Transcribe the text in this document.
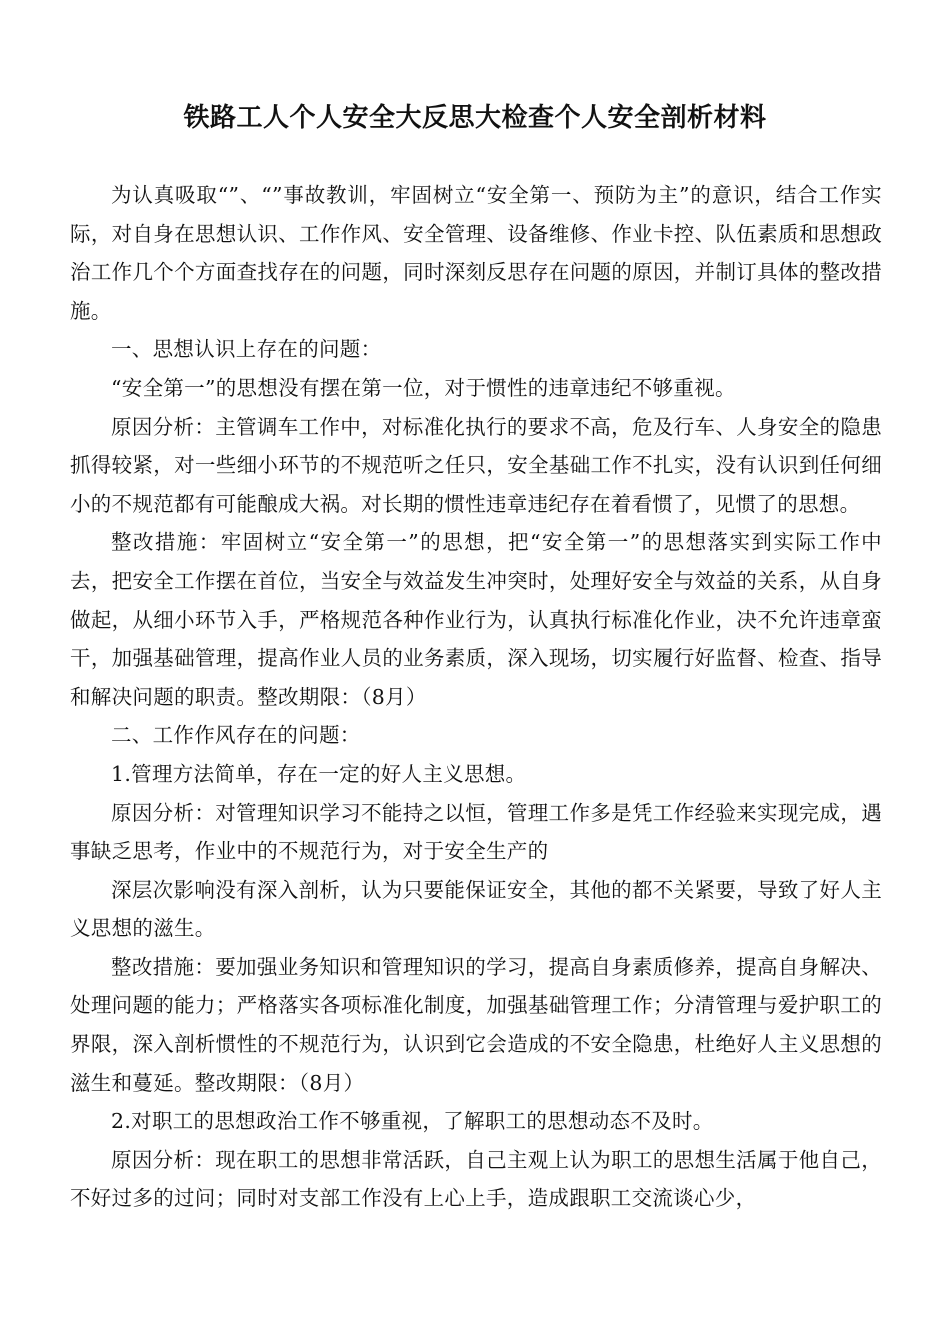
铁路工人个人安全大反思大检查个人安全剖析材料

为认真吸取“”、“”事故教训，牢固树立“安全第一、预防为主”的意识，结合工作实际，对自身在思想认识、工作作风、安全管理、设备维修、作业卡控、队伍素质和思想政治工作几个个方面查找存在的问题，同时深刻反思存在问题的原因，并制订具体的整改措施。

一、思想认识上存在的问题：

“安全第一”的思想没有摆在第一位，对于惯性的违章违纪不够重视。

原因分析：主管调车工作中，对标准化执行的要求不高，危及行车、人身安全的隐患抓得较紧，对一些细小环节的不规范听之任只，安全基础工作不扎实，没有认识到任何细小的不规范都有可能酿成大祸。对长期的惯性违章违纪存在着看惯了，见惯了的思想。

整改措施：牢固树立“安全第一”的思想，把“安全第一”的思想落实到实际工作中去，把安全工作摆在首位，当安全与效益发生冲突时，处理好安全与效益的关系，从自身做起，从细小环节入手，严格规范各种作业行为，认真执行标准化作业，决不允许违章蛮干，加强基础管理，提高作业人员的业务素质，深入现场，切实履行好监督、检查、指导和解决问题的职责。整改期限：（8月）

二、工作作风存在的问题：

1.管理方法简单，存在一定的好人主义思想。

原因分析：对管理知识学习不能持之以恒，管理工作多是凭工作经验来实现完成，遇事缺乏思考，作业中的不规范行为，对于安全生产的

深层次影响没有深入剖析，认为只要能保证安全，其他的都不关紧要，导致了好人主义思想的滋生。

整改措施：要加强业务知识和管理知识的学习，提高自身素质修养，提高自身解决、处理问题的能力；严格落实各项标准化制度，加强基础管理工作；分清管理与爱护职工的界限，深入剖析惯性的不规范行为，认识到它会造成的不安全隐患，杜绝好人主义思想的滋生和蔓延。整改期限：（8月）

2.对职工的思想政治工作不够重视，了解职工的思想动态不及时。

原因分析：现在职工的思想非常活跃，自己主观上认为职工的思想生活属于他自己，不好过多的过问；同时对支部工作没有上心上手，造成跟职工交流谈心少，
